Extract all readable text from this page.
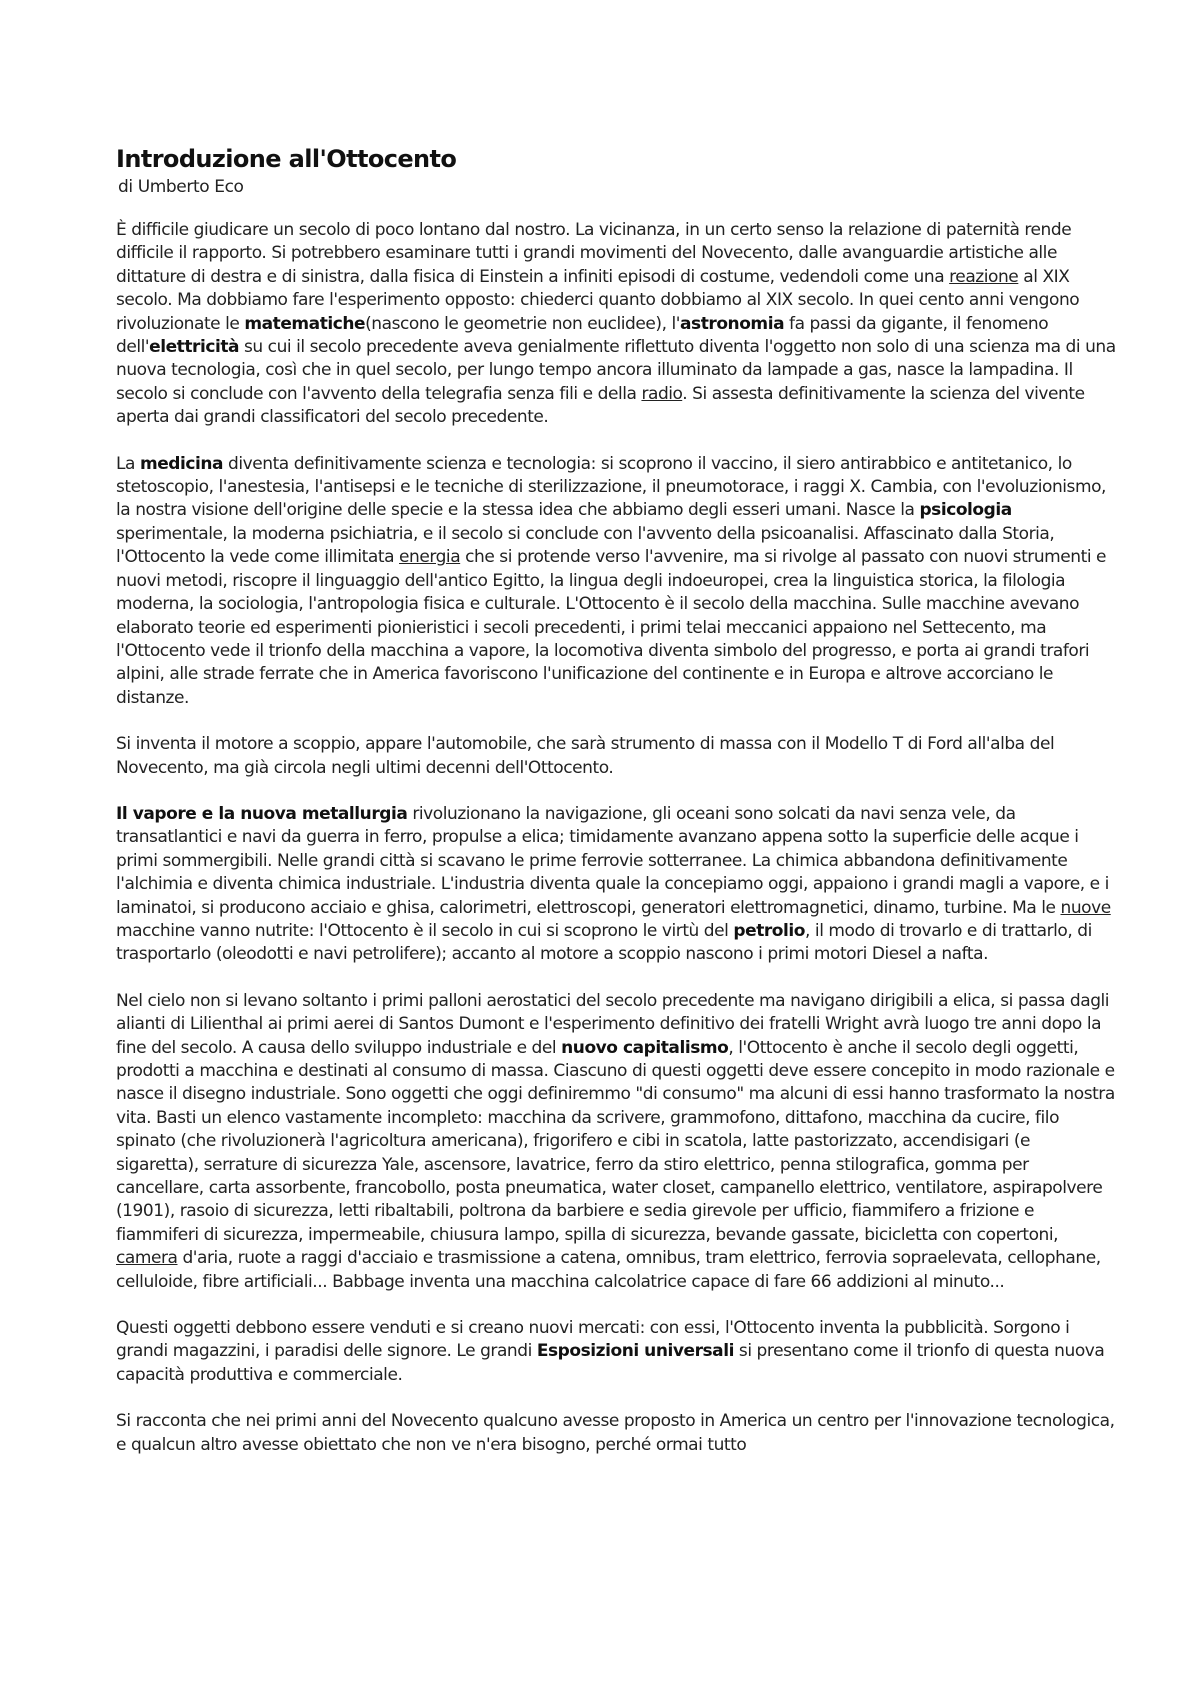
Introduzione all'Ottocento

di Umberto Eco

È difficile giudicare un secolo di poco lontano dal nostro. La vicinanza, in un certo senso la relazione di paternità rende difficile il rapporto. Si potrebbero esaminare tutti i grandi movimenti del Novecento, dalle avanguardie artistiche alle dittature di destra e di sinistra, dalla fisica di Einstein a infiniti episodi di costume, vedendoli come una reazione al XIX secolo. Ma dobbiamo fare l'esperimento opposto: chiederci quanto dobbiamo al XIX secolo. In quei cento anni vengono rivoluzionate le matematiche(nascono le geometrie non euclidee), l'astronomia fa passi da gigante, il fenomeno dell'elettricità su cui il secolo precedente aveva genialmente riflettuto diventa l'oggetto non solo di una scienza ma di una nuova tecnologia, così che in quel secolo, per lungo tempo ancora illuminato da lampade a gas, nasce la lampadina. Il secolo si conclude con l'avvento della telegrafia senza fili e della radio. Si assesta definitivamente la scienza del vivente aperta dai grandi classificatori del secolo precedente.

La medicina diventa definitivamente scienza e tecnologia: si scoprono il vaccino, il siero antirabbico e antitetanico, lo stetoscopio, l'anestesia, l'antisepsi e le tecniche di sterilizzazione, il pneumotorace, i raggi X. Cambia, con l'evoluzionismo, la nostra visione dell'origine delle specie e la stessa idea che abbiamo degli esseri umani. Nasce la psicologia sperimentale, la moderna psichiatria, e il secolo si conclude con l'avvento della psicoanalisi. Affascinato dalla Storia, l'Ottocento la vede come illimitata energia che si protende verso l'avvenire, ma si rivolge al passato con nuovi strumenti e nuovi metodi, riscopre il linguaggio dell'antico Egitto, la lingua degli indoeuropei, crea la linguistica storica, la filologia moderna, la sociologia, l'antropologia fisica e culturale. L'Ottocento è il secolo della macchina. Sulle macchine avevano elaborato teorie ed esperimenti pionieristici i secoli precedenti, i primi telai meccanici appaiono nel Settecento, ma l'Ottocento vede il trionfo della macchina a vapore, la locomotiva diventa simbolo del progresso, e porta ai grandi trafori alpini, alle strade ferrate che in America favoriscono l'unificazione del continente e in Europa e altrove accorciano le distanze.

Si inventa il motore a scoppio, appare l'automobile, che sarà strumento di massa con il Modello T di Ford all'alba del Novecento, ma già circola negli ultimi decenni dell'Ottocento.

Il vapore e la nuova metallurgia rivoluzionano la navigazione, gli oceani sono solcati da navi senza vele, da transatlantici e navi da guerra in ferro, propulse a elica; timidamente avanzano appena sotto la superficie delle acque i primi sommergibili. Nelle grandi città si scavano le prime ferrovie sotterranee. La chimica abbandona definitivamente l'alchimia e diventa chimica industriale. L'industria diventa quale la concepiamo oggi, appaiono i grandi magli a vapore, e i laminatoi, si producono acciaio e ghisa, calorimetri, elettroscopi, generatori elettromagnetici, dinamo, turbine. Ma le nuove macchine vanno nutrite: l'Ottocento è il secolo in cui si scoprono le virtù del petrolio, il modo di trovarlo e di trattarlo, di trasportarlo (oleodotti e navi petrolifere); accanto al motore a scoppio nascono i primi motori Diesel a nafta.

Nel cielo non si levano soltanto i primi palloni aerostatici del secolo precedente ma navigano dirigibili a elica, si passa dagli alianti di Lilienthal ai primi aerei di Santos Dumont e l'esperimento definitivo dei fratelli Wright avrà luogo tre anni dopo la fine del secolo. A causa dello sviluppo industriale e del nuovo capitalismo, l'Ottocento è anche il secolo degli oggetti, prodotti a macchina e destinati al consumo di massa. Ciascuno di questi oggetti deve essere concepito in modo razionale e nasce il disegno industriale. Sono oggetti che oggi definiremmo "di consumo" ma alcuni di essi hanno trasformato la nostra vita. Basti un elenco vastamente incompleto: macchina da scrivere, grammofono, dittafono, macchina da cucire, filo spinato (che rivoluzionerà l'agricoltura americana), frigorifero e cibi in scatola, latte pastorizzato, accendisigari (e sigaretta), serrature di sicurezza Yale, ascensore, lavatrice, ferro da stiro elettrico, penna stilografica, gomma per cancellare, carta assorbente, francobollo, posta pneumatica, water closet, campanello elettrico, ventilatore, aspirapolvere (1901), rasoio di sicurezza, letti ribaltabili, poltrona da barbiere e sedia girevole per ufficio, fiammifero a frizione e fiammiferi di sicurezza, impermeabile, chiusura lampo, spilla di sicurezza, bevande gassate, bicicletta con copertoni, camera d'aria, ruote a raggi d'acciaio e trasmissione a catena, omnibus, tram elettrico, ferrovia sopraelevata, cellophane, celluloide, fibre artificiali... Babbage inventa una macchina calcolatrice capace di fare 66 addizioni al minuto...

Questi oggetti debbono essere venduti e si creano nuovi mercati: con essi, l'Ottocento inventa la pubblicità. Sorgono i grandi magazzini, i paradisi delle signore. Le grandi Esposizioni universali si presentano come il trionfo di questa nuova capacità produttiva e commerciale.

Si racconta che nei primi anni del Novecento qualcuno avesse proposto in America un centro per l'innovazione tecnologica, e qualcun altro avesse obiettato che non ve n'era bisogno, perché ormai tutto
